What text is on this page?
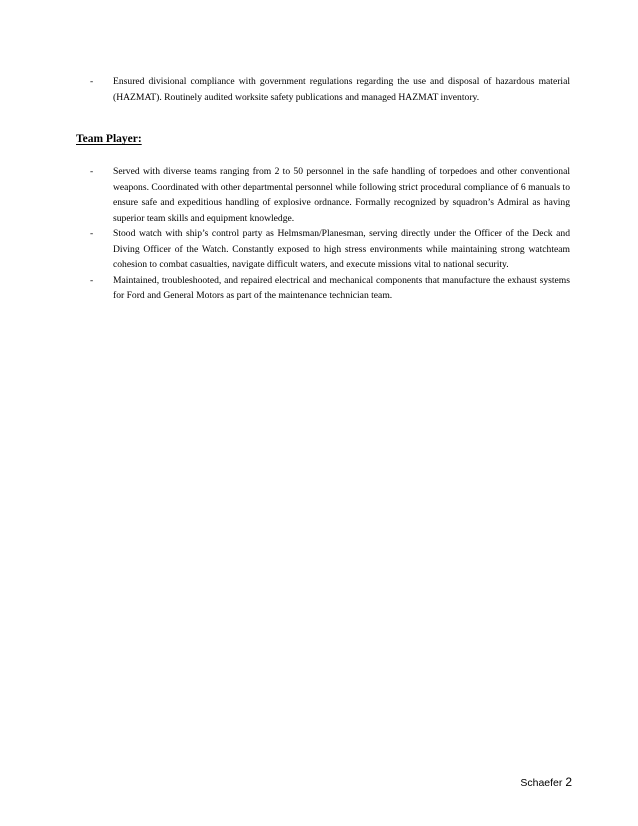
-	Ensured divisional compliance with government regulations regarding the use and disposal of hazardous material (HAZMAT). Routinely audited worksite safety publications and managed HAZMAT inventory.
Team Player:
-	Served with diverse teams ranging from 2 to 50 personnel in the safe handling of torpedoes and other conventional weapons. Coordinated with other departmental personnel while following strict procedural compliance of 6 manuals to ensure safe and expeditious handling of explosive ordnance. Formally recognized by squadron’s Admiral as having superior team skills and equipment knowledge.
-	Stood watch with ship’s control party as Helmsman/Planesman, serving directly under the Officer of the Deck and Diving Officer of the Watch. Constantly exposed to high stress environments while maintaining strong watchteam cohesion to combat casualties, navigate difficult waters, and execute missions vital to national security.
-	Maintained, troubleshooted, and repaired electrical and mechanical components that manufacture the exhaust systems for Ford and General Motors as part of the maintenance technician team.
Schaefer 2
